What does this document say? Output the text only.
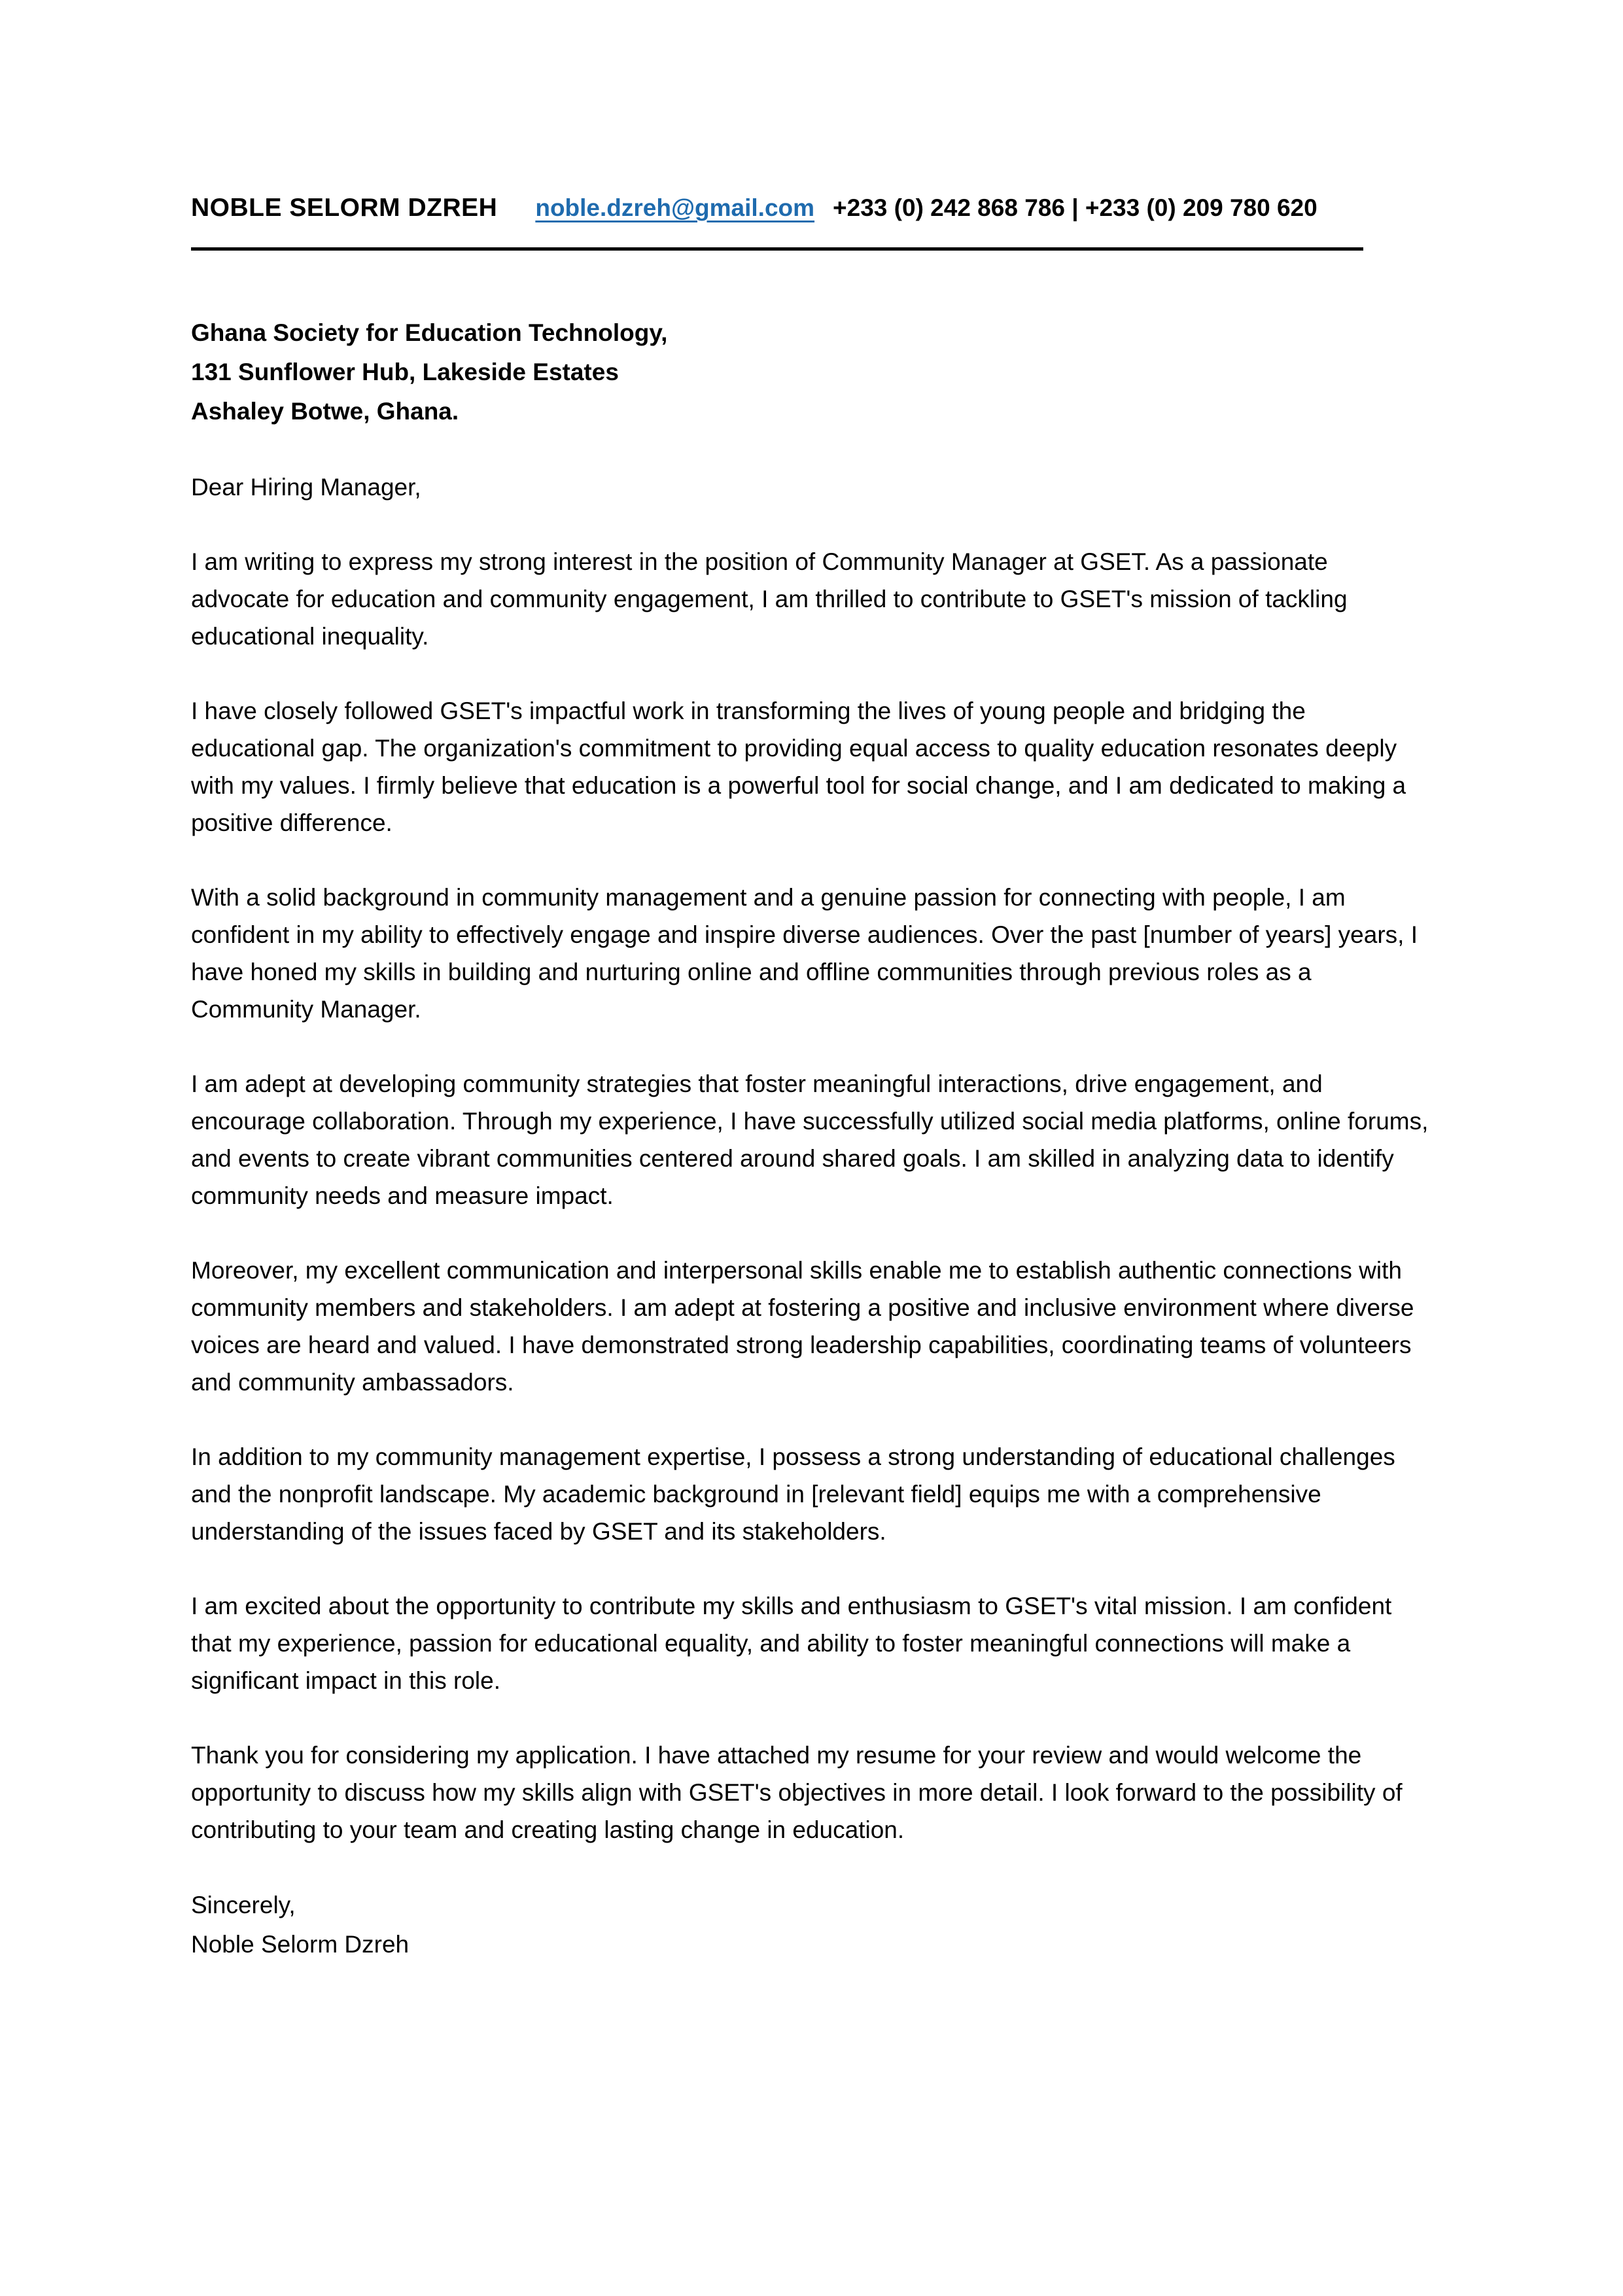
NOBLE SELORM DZREH noble.dzreh@gmail.com +233 (0) 242 868 786 | +233 (0) 209 780 620
Ghana Society for Education Technology,
131 Sunflower Hub, Lakeside Estates
Ashaley Botwe, Ghana.

Dear Hiring Manager,

I am writing to express my strong interest in the position of Community Manager at GSET. As a passionate advocate for education and community engagement, I am thrilled to contribute to GSET's mission of tackling educational inequality.

I have closely followed GSET's impactful work in transforming the lives of young people and bridging the educational gap. The organization's commitment to providing equal access to quality education resonates deeply with my values. I firmly believe that education is a powerful tool for social change, and I am dedicated to making a positive difference.

With a solid background in community management and a genuine passion for connecting with people, I am confident in my ability to effectively engage and inspire diverse audiences. Over the past [number of years] years, I have honed my skills in building and nurturing online and offline communities through previous roles as a Community Manager.

I am adept at developing community strategies that foster meaningful interactions, drive engagement, and encourage collaboration. Through my experience, I have successfully utilized social media platforms, online forums, and events to create vibrant communities centered around shared goals. I am skilled in analyzing data to identify community needs and measure impact.

Moreover, my excellent communication and interpersonal skills enable me to establish authentic connections with community members and stakeholders. I am adept at fostering a positive and inclusive environment where diverse voices are heard and valued. I have demonstrated strong leadership capabilities, coordinating teams of volunteers and community ambassadors.

In addition to my community management expertise, I possess a strong understanding of educational challenges and the nonprofit landscape. My academic background in [relevant field] equips me with a comprehensive understanding of the issues faced by GSET and its stakeholders.

I am excited about the opportunity to contribute my skills and enthusiasm to GSET's vital mission. I am confident that my experience, passion for educational equality, and ability to foster meaningful connections will make a significant impact in this role.

Thank you for considering my application. I have attached my resume for your review and would welcome the opportunity to discuss how my skills align with GSET's objectives in more detail. I look forward to the possibility of contributing to your team and creating lasting change in education.

Sincerely,
Noble Selorm Dzreh
